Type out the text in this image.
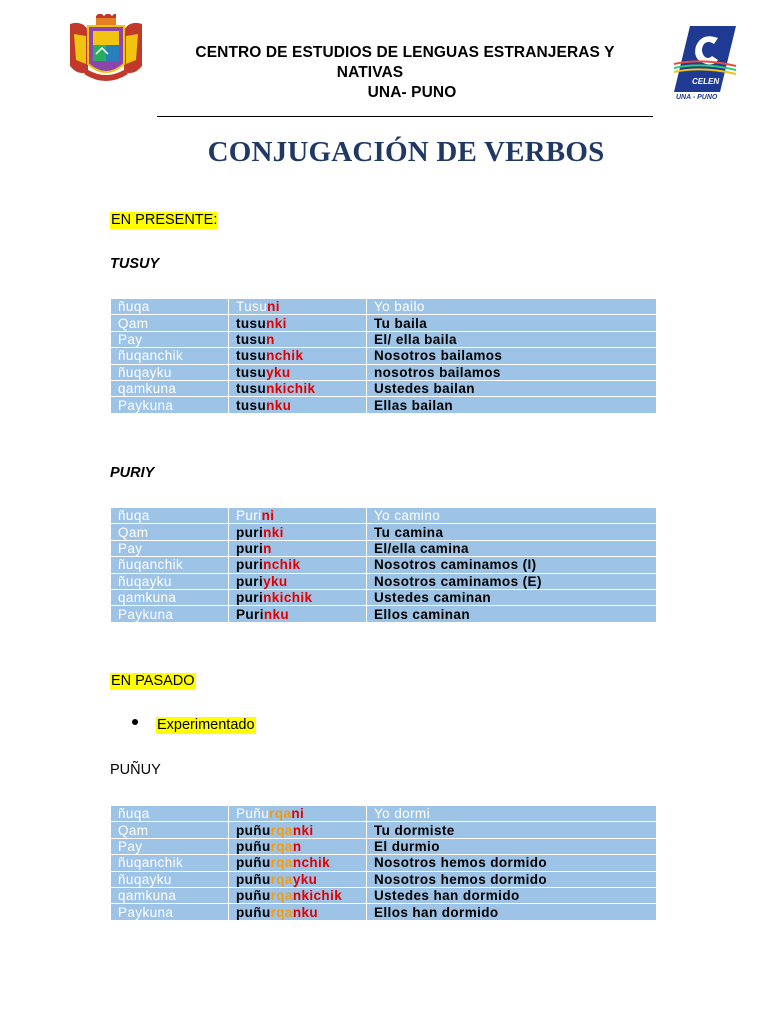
CENTRO DE ESTUDIOS DE LENGUAS ESTRANJERAS Y
NATIVAS
UNA- PUNO
CELEN
UNA - PUNO
CONJUGACIÓN DE VERBOS
EN PRESENTE:
TUSUY
ñuqa	Tusuni	Yo bailo
Qam	tusunki	Tu baila
Pay	tusun	El/ ella baila
ñuqanchik	tusunchik	Nosotros bailamos
ñuqayku	tusuyku	nosotros bailamos
qamkuna	tusunkichik	Ustedes bailan
Paykuna	tusunku	Ellas bailan
PURIY
ñuqa	Purini	Yo camino
Qam	purinki	Tu camina
Pay	purin	El/ella camina
ñuqanchik	purinchik	Nosotros caminamos (I)
ñuqayku	puriyku	Nosotros caminamos (E)
qamkuna	purinkichik	Ustedes caminan
Paykuna	Purinku	Ellos caminan
EN PASADO
Experimentado
PUÑUY
ñuqa	Puñurqani	Yo dormi
Qam	puñurqanki	Tu dormiste
Pay	puñurqan	El durmio
ñuqanchik	puñurqanchik	Nosotros hemos dormido
ñuqayku	puñurqayku	Nosotros hemos dormido
qamkuna	puñurqankichik	Ustedes han dormido
Paykuna	puñurqanku	Ellos han dormido
